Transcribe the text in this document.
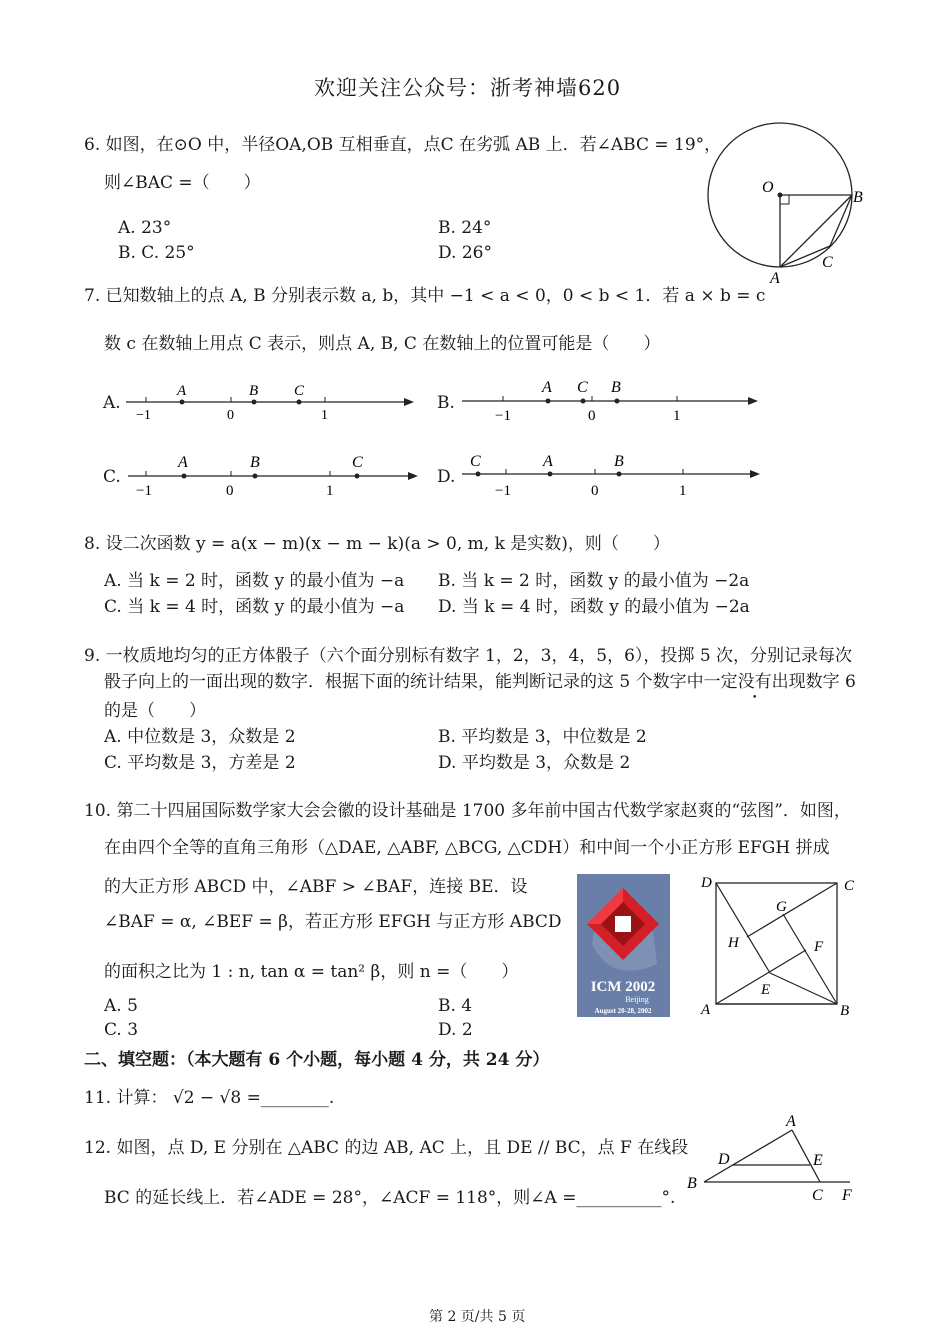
欢迎关注公众号：浙考神墙620
6. 如图，在⊙O 中，半径OA,OB 互相垂直，点C 在劣弧 AB 上．若∠ABC = 19°，
则∠BAC =（　　）
A. 23°	B. 24°
B. C. 25°	D. 26°
O
B
C
A
7. 已知数轴上的点 A, B 分别表示数 a, b，其中 −1 < a < 0，0 < b < 1．若 a × b = c
数 c 在数轴上用点 C 表示，则点 A, B, C 在数轴上的位置可能是（　　）
A.
−1	0	1
A	B C
B.
−1	0	1
A C B
C.
−1	0	1
A	B	C
D.
−1	0	1
C	A	B
8. 设二次函数 y = a(x − m)(x − m − k)(a > 0, m, k 是实数)，则（　　）
A. 当 k = 2 时，函数 y 的最小值为 −a B. 当 k = 2 时，函数 y 的最小值为 −2a
C. 当 k = 4 时，函数 y 的最小值为 −a D. 当 k = 4 时，函数 y 的最小值为 −2a
9. 一枚质地均匀的正方体骰子（六个面分别标有数字 1，2，3，4，5，6），投掷 5 次，分别记录每次
骰子向上的一面出现的数字．根据下面的统计结果，能判断记录的这 5 个数字中一定没有出现数字 6
的是（　　）
A. 中位数是 3，众数是 2	B. 平均数是 3，中位数是 2
C. 平均数是 3，方差是 2	D. 平均数是 3，众数是 2
10. 第二十四届国际数学家大会会徽的设计基础是 1700 多年前中国古代数学家赵爽的“弦图”．如图，
在由四个全等的直角三角形（△DAE, △ABF, △BCG, △CDH）和中间一个小正方形 EFGH 拼成
的大正方形 ABCD 中，∠ABF > ∠BAF，连接 BE．设
∠BAF = α, ∠BEF = β，若正方形 EFGH 与正方形 ABCD
的面积之比为 1 : n, tan α = tan² β，则 n =（　　）
A. 5	B. 4
C. 3	D. 2
ICM 2002
Beijing
August 20-28, 2002
D	C
A	B
G
F
H
E
二、填空题：（本大题有 6 个小题，每小题 4 分，共 24 分）
11. 计算： √2 − √8 =________.
12. 如图，点 D, E 分别在 △ABC 的边 AB, AC 上，且 DE // BC，点 F 在线段
BC 的延长线上．若∠ADE = 28°，∠ACF = 118°，则∠A =__________°.
A
D	E
B
C F
第 2 页/共 5 页
